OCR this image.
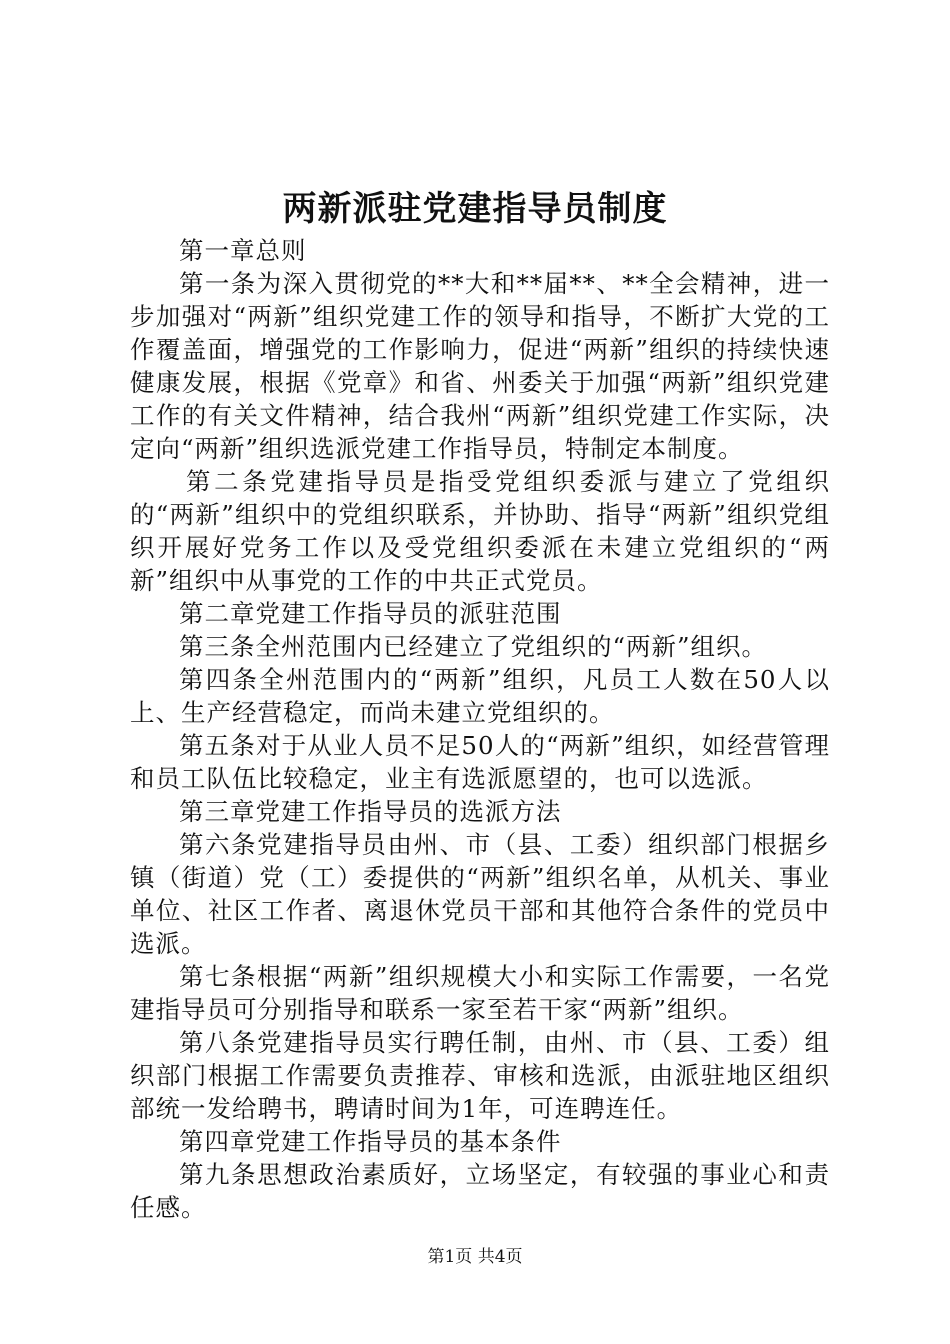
两新派驻党建指导员制度

第一章总则

第一条为深入贯彻党的**大和**届**、**全会精神，进一步加强对“两新”组织党建工作的领导和指导，不断扩大党的工作覆盖面，增强党的工作影响力，促进“两新”组织的持续快速健康发展，根据《党章》和省、州委关于加强“两新”组织党建工作的有关文件精神，结合我州“两新”组织党建工作实际，决定向“两新”组织选派党建工作指导员，特制定本制度。

第二条党建指导员是指受党组织委派与建立了党组织的“两新”组织中的党组织联系，并协助、指导“两新”组织党组织开展好党务工作以及受党组织委派在未建立党组织的“两新”组织中从事党的工作的中共正式党员。

第二章党建工作指导员的派驻范围

第三条全州范围内已经建立了党组织的“两新”组织。

第四条全州范围内的“两新”组织，凡员工人数在50人以上、生产经营稳定，而尚未建立党组织的。

第五条对于从业人员不足50人的“两新”组织，如经营管理和员工队伍比较稳定，业主有选派愿望的，也可以选派。

第三章党建工作指导员的选派方法

第六条党建指导员由州、市（县、工委）组织部门根据乡镇（街道）党（工）委提供的“两新”组织名单，从机关、事业单位、社区工作者、离退休党员干部和其他符合条件的党员中选派。

第七条根据“两新”组织规模大小和实际工作需要，一名党建指导员可分别指导和联系一家至若干家“两新”组织。

第八条党建指导员实行聘任制，由州、市（县、工委）组织部门根据工作需要负责推荐、审核和选派，由派驻地区组织部统一发给聘书，聘请时间为1年，可连聘连任。

第四章党建工作指导员的基本条件

第九条思想政治素质好，立场坚定，有较强的事业心和责任感。

第1页 共4页
